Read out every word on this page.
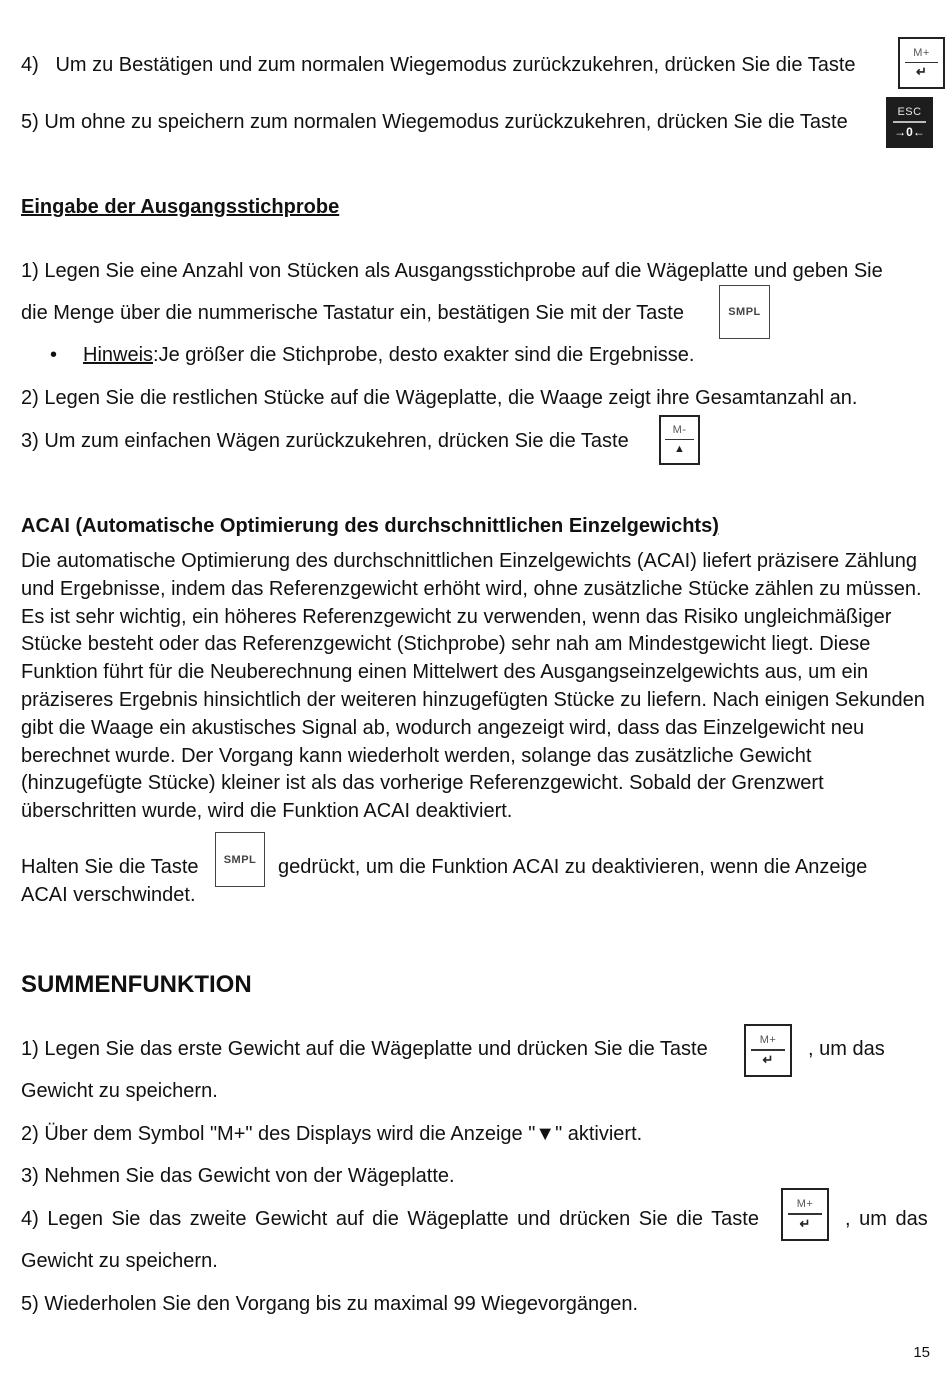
4)   Um zu Bestätigen und zum normalen Wiegemodus zurückzukehren, drücken Sie die Taste
M+
↵
5) Um ohne zu speichern zum normalen Wiegemodus zurückzukehren, drücken Sie die Taste	ESC
→0←
Eingabe der Ausgangsstichprobe
1) Legen Sie eine Anzahl von Stücken als Ausgangsstichprobe auf die Wägeplatte und geben Sie
die Menge über die nummerische Tastatur ein, bestätigen Sie mit der Taste	SMPL
• Hinweis:Je größer die Stichprobe, desto exakter sind die Ergebnisse.
2) Legen Sie die restlichen Stücke auf die Wägeplatte, die Waage zeigt ihre Gesamtanzahl an.
3) Um zum einfachen Wägen zurückzukehren, drücken Sie die Taste
M-
▲
ACAI (Automatische Optimierung des durchschnittlichen Einzelgewichts)
Die automatische Optimierung des durchschnittlichen Einzelgewichts (ACAI) liefert präzisere Zählung und Ergebnisse, indem das Referenzgewicht erhöht wird, ohne zusätzliche Stücke zählen zu müssen. Es ist sehr wichtig, ein höheres Referenzgewicht zu verwenden, wenn das Risiko ungleichmäßiger Stücke besteht oder das Referenzgewicht (Stichprobe) sehr nah am Mindestgewicht liegt. Diese Funktion führt für die Neuberechnung einen Mittelwert des Ausgangseinzelgewichts aus, um ein präziseres Ergebnis hinsichtlich der weiteren hinzugefügten Stücke zu liefern. Nach einigen Sekunden gibt die Waage ein akustisches Signal ab, wodurch angezeigt wird, dass das Einzelgewicht neu berechnet wurde. Der Vorgang kann wiederholt werden, solange das zusätzliche Gewicht (hinzugefügte Stücke) kleiner ist als das vorherige Referenzgewicht. Sobald der Grenzwert überschritten wurde, wird die Funktion ACAI deaktiviert.
Halten Sie die Taste SMPL gedrückt, um die Funktion ACAI zu deaktivieren, wenn die Anzeige
ACAI verschwindet.
SUMMENFUNKTION
1) Legen Sie das erste Gewicht auf die Wägeplatte und drücken Sie die Taste	M+
↵ , um das
Gewicht zu speichern.
2) Über dem Symbol "M+" des Displays wird die Anzeige "▼" aktiviert.
3) Nehmen Sie das Gewicht von der Wägeplatte.
4) Legen Sie das zweite Gewicht auf die Wägeplatte und drücken Sie die Taste
M+
↵ , um das
Gewicht zu speichern.
5) Wiederholen Sie den Vorgang bis zu maximal 99 Wiegevorgängen.
15
